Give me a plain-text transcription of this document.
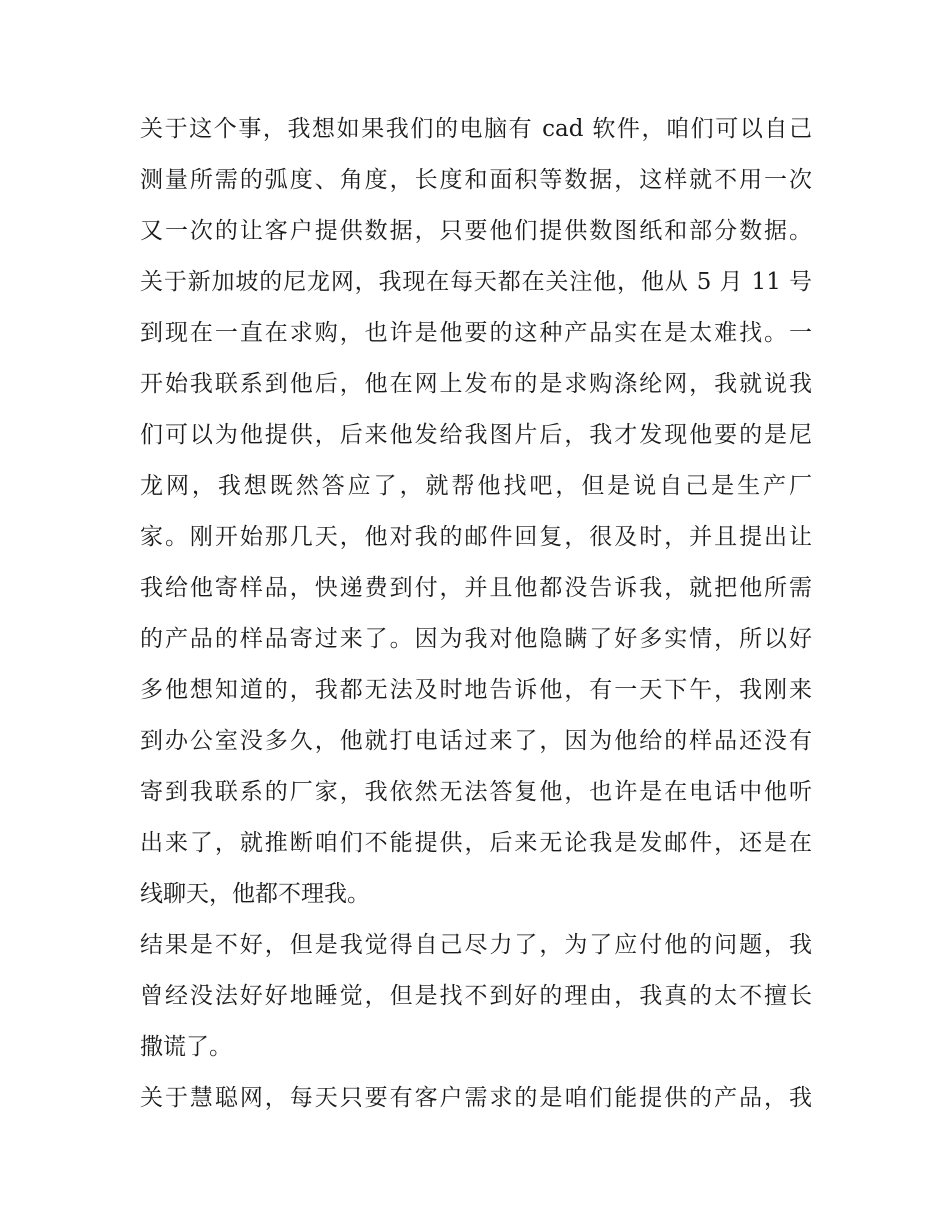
关于这个事，我想如果我们的电脑有 cad 软件，咱们可以自己
测量所需的弧度、角度，长度和面积等数据，这样就不用一次
又一次的让客户提供数据，只要他们提供数图纸和部分数据。
关于新加坡的尼龙网，我现在每天都在关注他，他从 5 月 11 号
到现在一直在求购，也许是他要的这种产品实在是太难找。一
开始我联系到他后，他在网上发布的是求购涤纶网，我就说我
们可以为他提供，后来他发给我图片后，我才发现他要的是尼
龙网，我想既然答应了，就帮他找吧，但是说自己是生产厂
家。刚开始那几天，他对我的邮件回复，很及时，并且提出让
我给他寄样品，快递费到付，并且他都没告诉我，就把他所需
的产品的样品寄过来了。因为我对他隐瞒了好多实情，所以好
多他想知道的，我都无法及时地告诉他，有一天下午，我刚来
到办公室没多久，他就打电话过来了，因为他给的样品还没有
寄到我联系的厂家，我依然无法答复他，也许是在电话中他听
出来了，就推断咱们不能提供，后来无论我是发邮件，还是在
线聊天，他都不理我。
结果是不好，但是我觉得自己尽力了，为了应付他的问题，我
曾经没法好好地睡觉，但是找不到好的理由，我真的太不擅长
撒谎了。
关于慧聪网，每天只要有客户需求的是咱们能提供的产品，我
